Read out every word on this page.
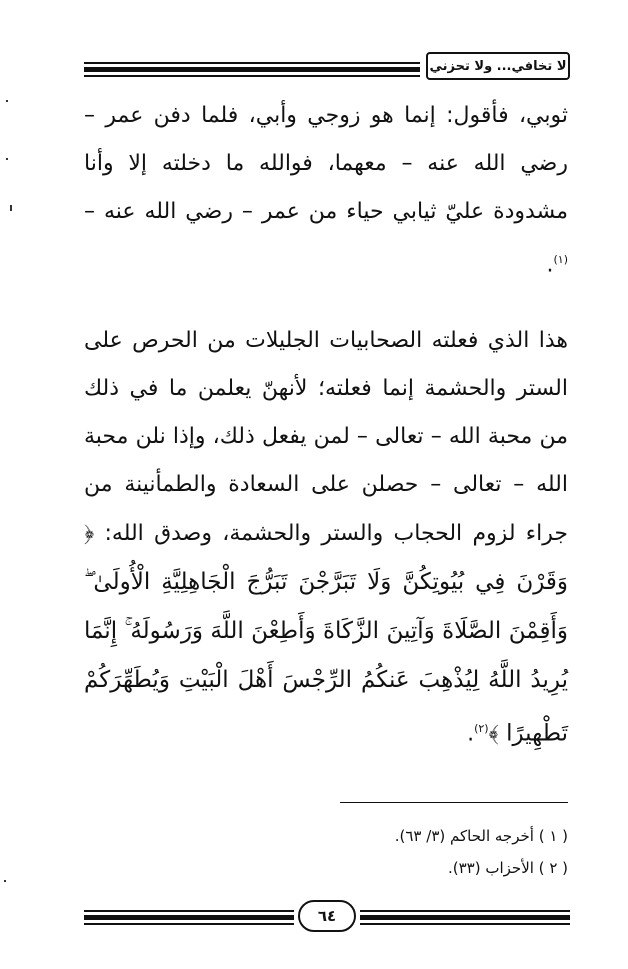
لا تخافي... ولا تحزني

ثوبي، فأقول: إنما هو زوجي وأبي، فلما دفن عمر – رضي الله عنه – معهما، فوالله ما دخلته إلا وأنا مشدودة عليّ ثيابي حياء من عمر – رضي الله عنه –$^{(١)}$.

هذا الذي فعلته الصحابيات الجليلات من الحرص على الستر والحشمة إنما فعلته؛ لأنهنّ يعلمن ما في ذلك من محبة الله – تعالى – لمن يفعل ذلك، وإذا نلن محبة الله – تعالى – حصلن على السعادة والطمأنينة من جراء لزوم الحجاب والستر والحشمة، وصدق الله: ﴿ وَقَرْنَ فِي بُيُوتِكُنَّ وَلَا تَبَرَّجْنَ تَبَرُّجَ الْجَاهِلِيَّةِ الْأُولَىٰ ۖ وَأَقِمْنَ الصَّلَاةَ وَآتِينَ الزَّكَاةَ وَأَطِعْنَ اللَّهَ وَرَسُولَهُ ۚ إِنَّمَا يُرِيدُ اللَّهُ لِيُذْهِبَ عَنكُمُ الرِّجْسَ أَهْلَ الْبَيْتِ وَيُطَهِّرَكُمْ تَطْهِيرًا ﴾$^{(٢)}$.

( ١ ) أخرجه الحاكم (٣/ ٦٣).

( ٢ ) الأحزاب (٣٣).

٦٤
